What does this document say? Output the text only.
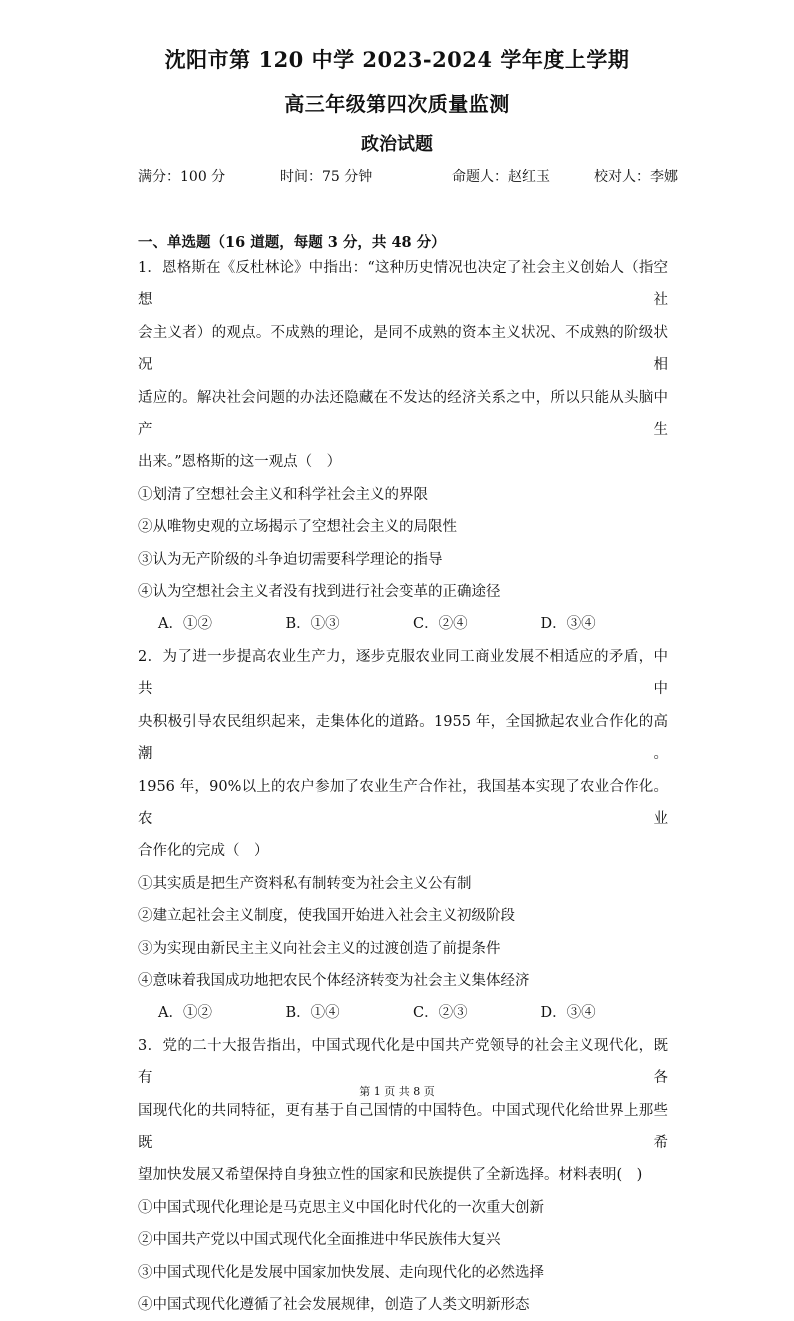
沈阳市第 120 中学 2023-2024 学年度上学期
高三年级第四次质量监测
政治试题
满分：100 分	时间：75 分钟	命题人：赵红玉	校对人：李娜
一、单选题（16 道题，每题 3 分，共 48 分）

1．恩格斯在《反杜林论》中指出：“这种历史情况也决定了社会主义创始人（指空想社

会主义者）的观点。不成熟的理论，是同不成熟的资本主义状况、不成熟的阶级状况相

适应的。解决社会问题的办法还隐藏在不发达的经济关系之中，所以只能从头脑中产生

出来。”恩格斯的这一观点（　）

①划清了空想社会主义和科学社会主义的界限

②从唯物史观的立场揭示了空想社会主义的局限性

③认为无产阶级的斗争迫切需要科学理论的指导

④认为空想社会主义者没有找到进行社会变革的正确途径

A．①②	B．①③	C．②④	D．③④

2．为了进一步提高农业生产力，逐步克服农业同工商业发展不相适应的矛盾，中共中

央积极引导农民组织起来，走集体化的道路。1955 年，全国掀起农业合作化的高潮。

1956 年，90%以上的农户参加了农业生产合作社，我国基本实现了农业合作化。农业

合作化的完成（　）

①其实质是把生产资料私有制转变为社会主义公有制

②建立起社会主义制度，使我国开始进入社会主义初级阶段

③为实现由新民主主义向社会主义的过渡创造了前提条件

④意味着我国成功地把农民个体经济转变为社会主义集体经济

A．①②	B．①④	C．②③	D．③④

3．党的二十大报告指出，中国式现代化是中国共产党领导的社会主义现代化，既有各

国现代化的共同特征，更有基于自己国情的中国特色。中国式现代化给世界上那些既希

望加快发展又希望保持自身独立性的国家和民族提供了全新选择。材料表明(　)

①中国式现代化理论是马克思主义中国化时代化的一次重大创新

②中国共产党以中国式现代化全面推进中华民族伟大复兴

③中国式现代化是发展中国家加快发展、走向现代化的必然选择

④中国式现代化遵循了社会发展规律，创造了人类文明新形态

第 1 页 共 8 页
